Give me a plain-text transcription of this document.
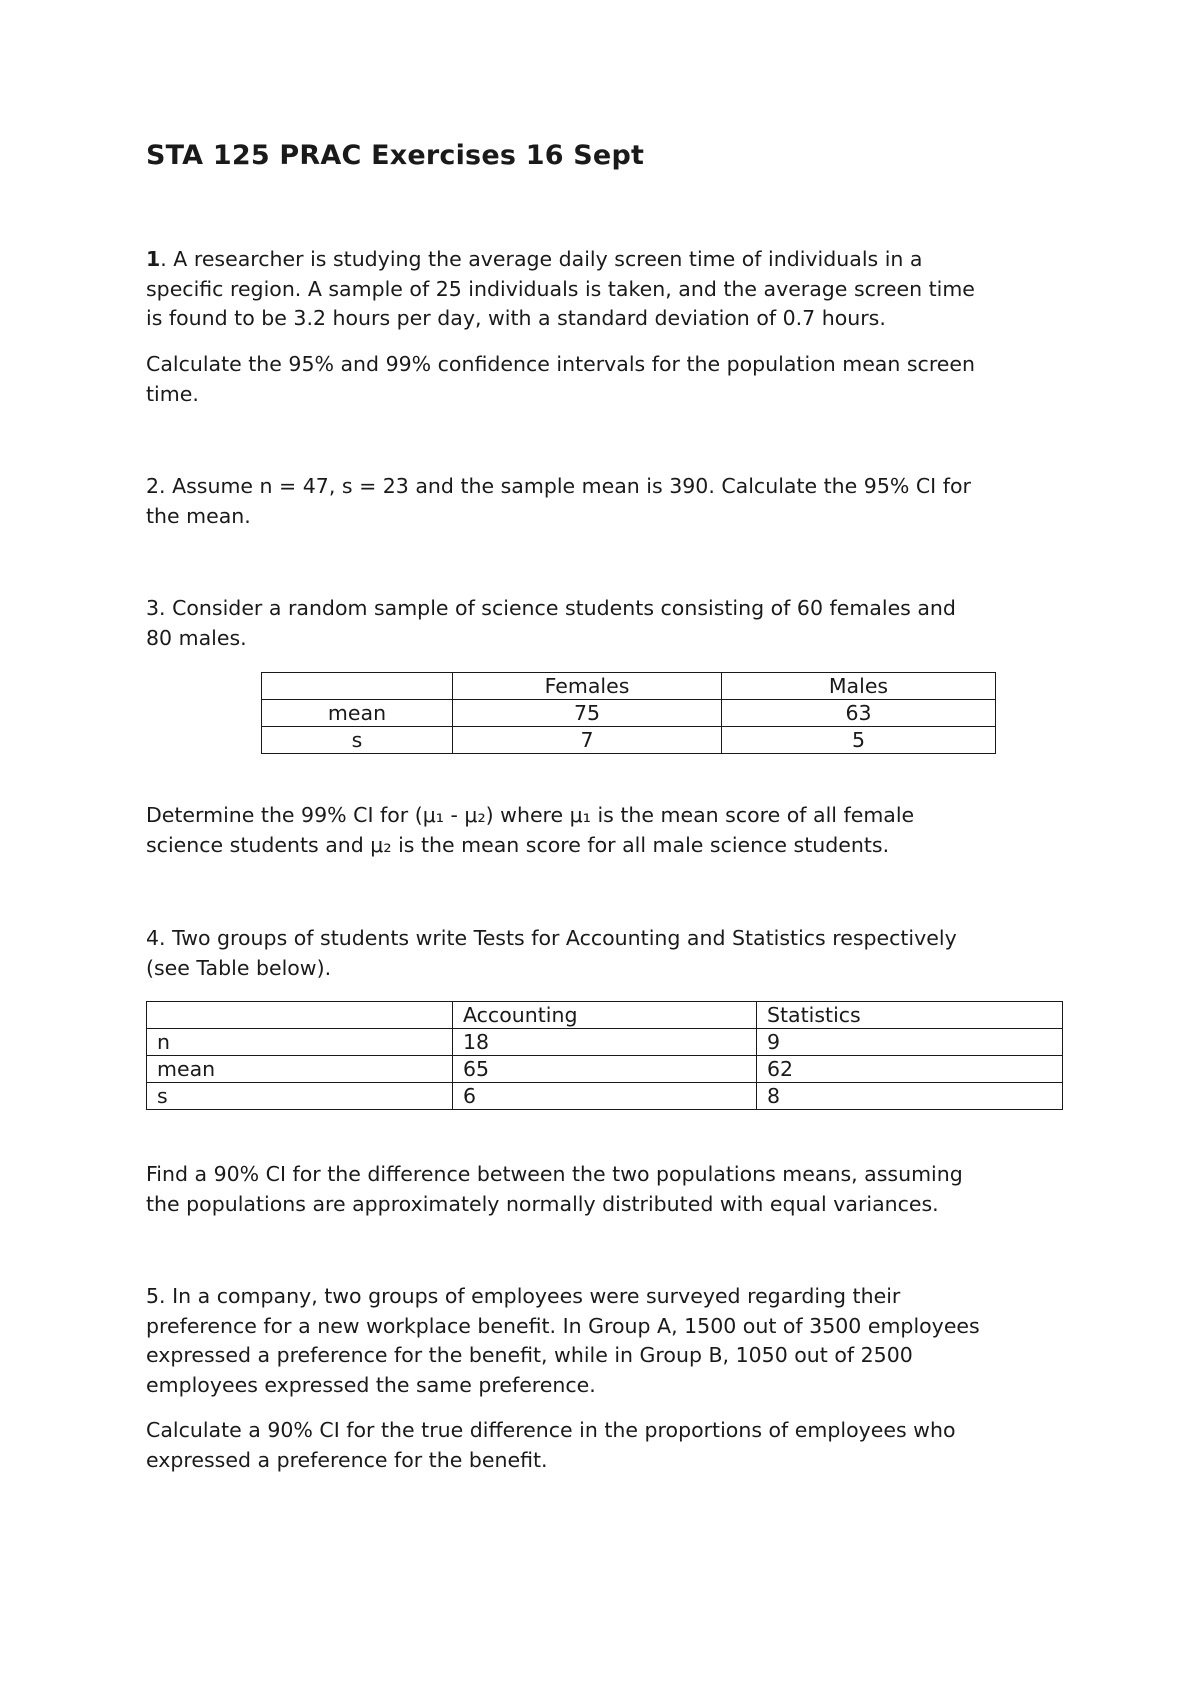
STA 125 PRAC Exercises 16 Sept
1. A researcher is studying the average daily screen time of individuals in a
specific region. A sample of 25 individuals is taken, and the average screen time
is found to be 3.2 hours per day, with a standard deviation of 0.7 hours.
Calculate the 95% and 99% confidence intervals for the population mean screen
time.
2. Assume n = 47, s = 23 and the sample mean is 390. Calculate the 95% CI for
the mean.
3. Consider a random sample of science students consisting of 60 females and
80 males.
	Females	Males
mean	75	63
s	7	5
Determine the 99% CI for (μ₁ - μ₂) where μ₁ is the mean score of all female
science students and μ₂ is the mean score for all male science students.
4. Two groups of students write Tests for Accounting and Statistics respectively
(see Table below).
	Accounting	Statistics
n	18	9
mean	65	62
s	6	8
Find a 90% CI for the difference between the two populations means, assuming
the populations are approximately normally distributed with equal variances.
5. In a company, two groups of employees were surveyed regarding their
preference for a new workplace benefit. In Group A, 1500 out of 3500 employees
expressed a preference for the benefit, while in Group B, 1050 out of 2500
employees expressed the same preference.
Calculate a 90% CI for the true difference in the proportions of employees who
expressed a preference for the benefit.
